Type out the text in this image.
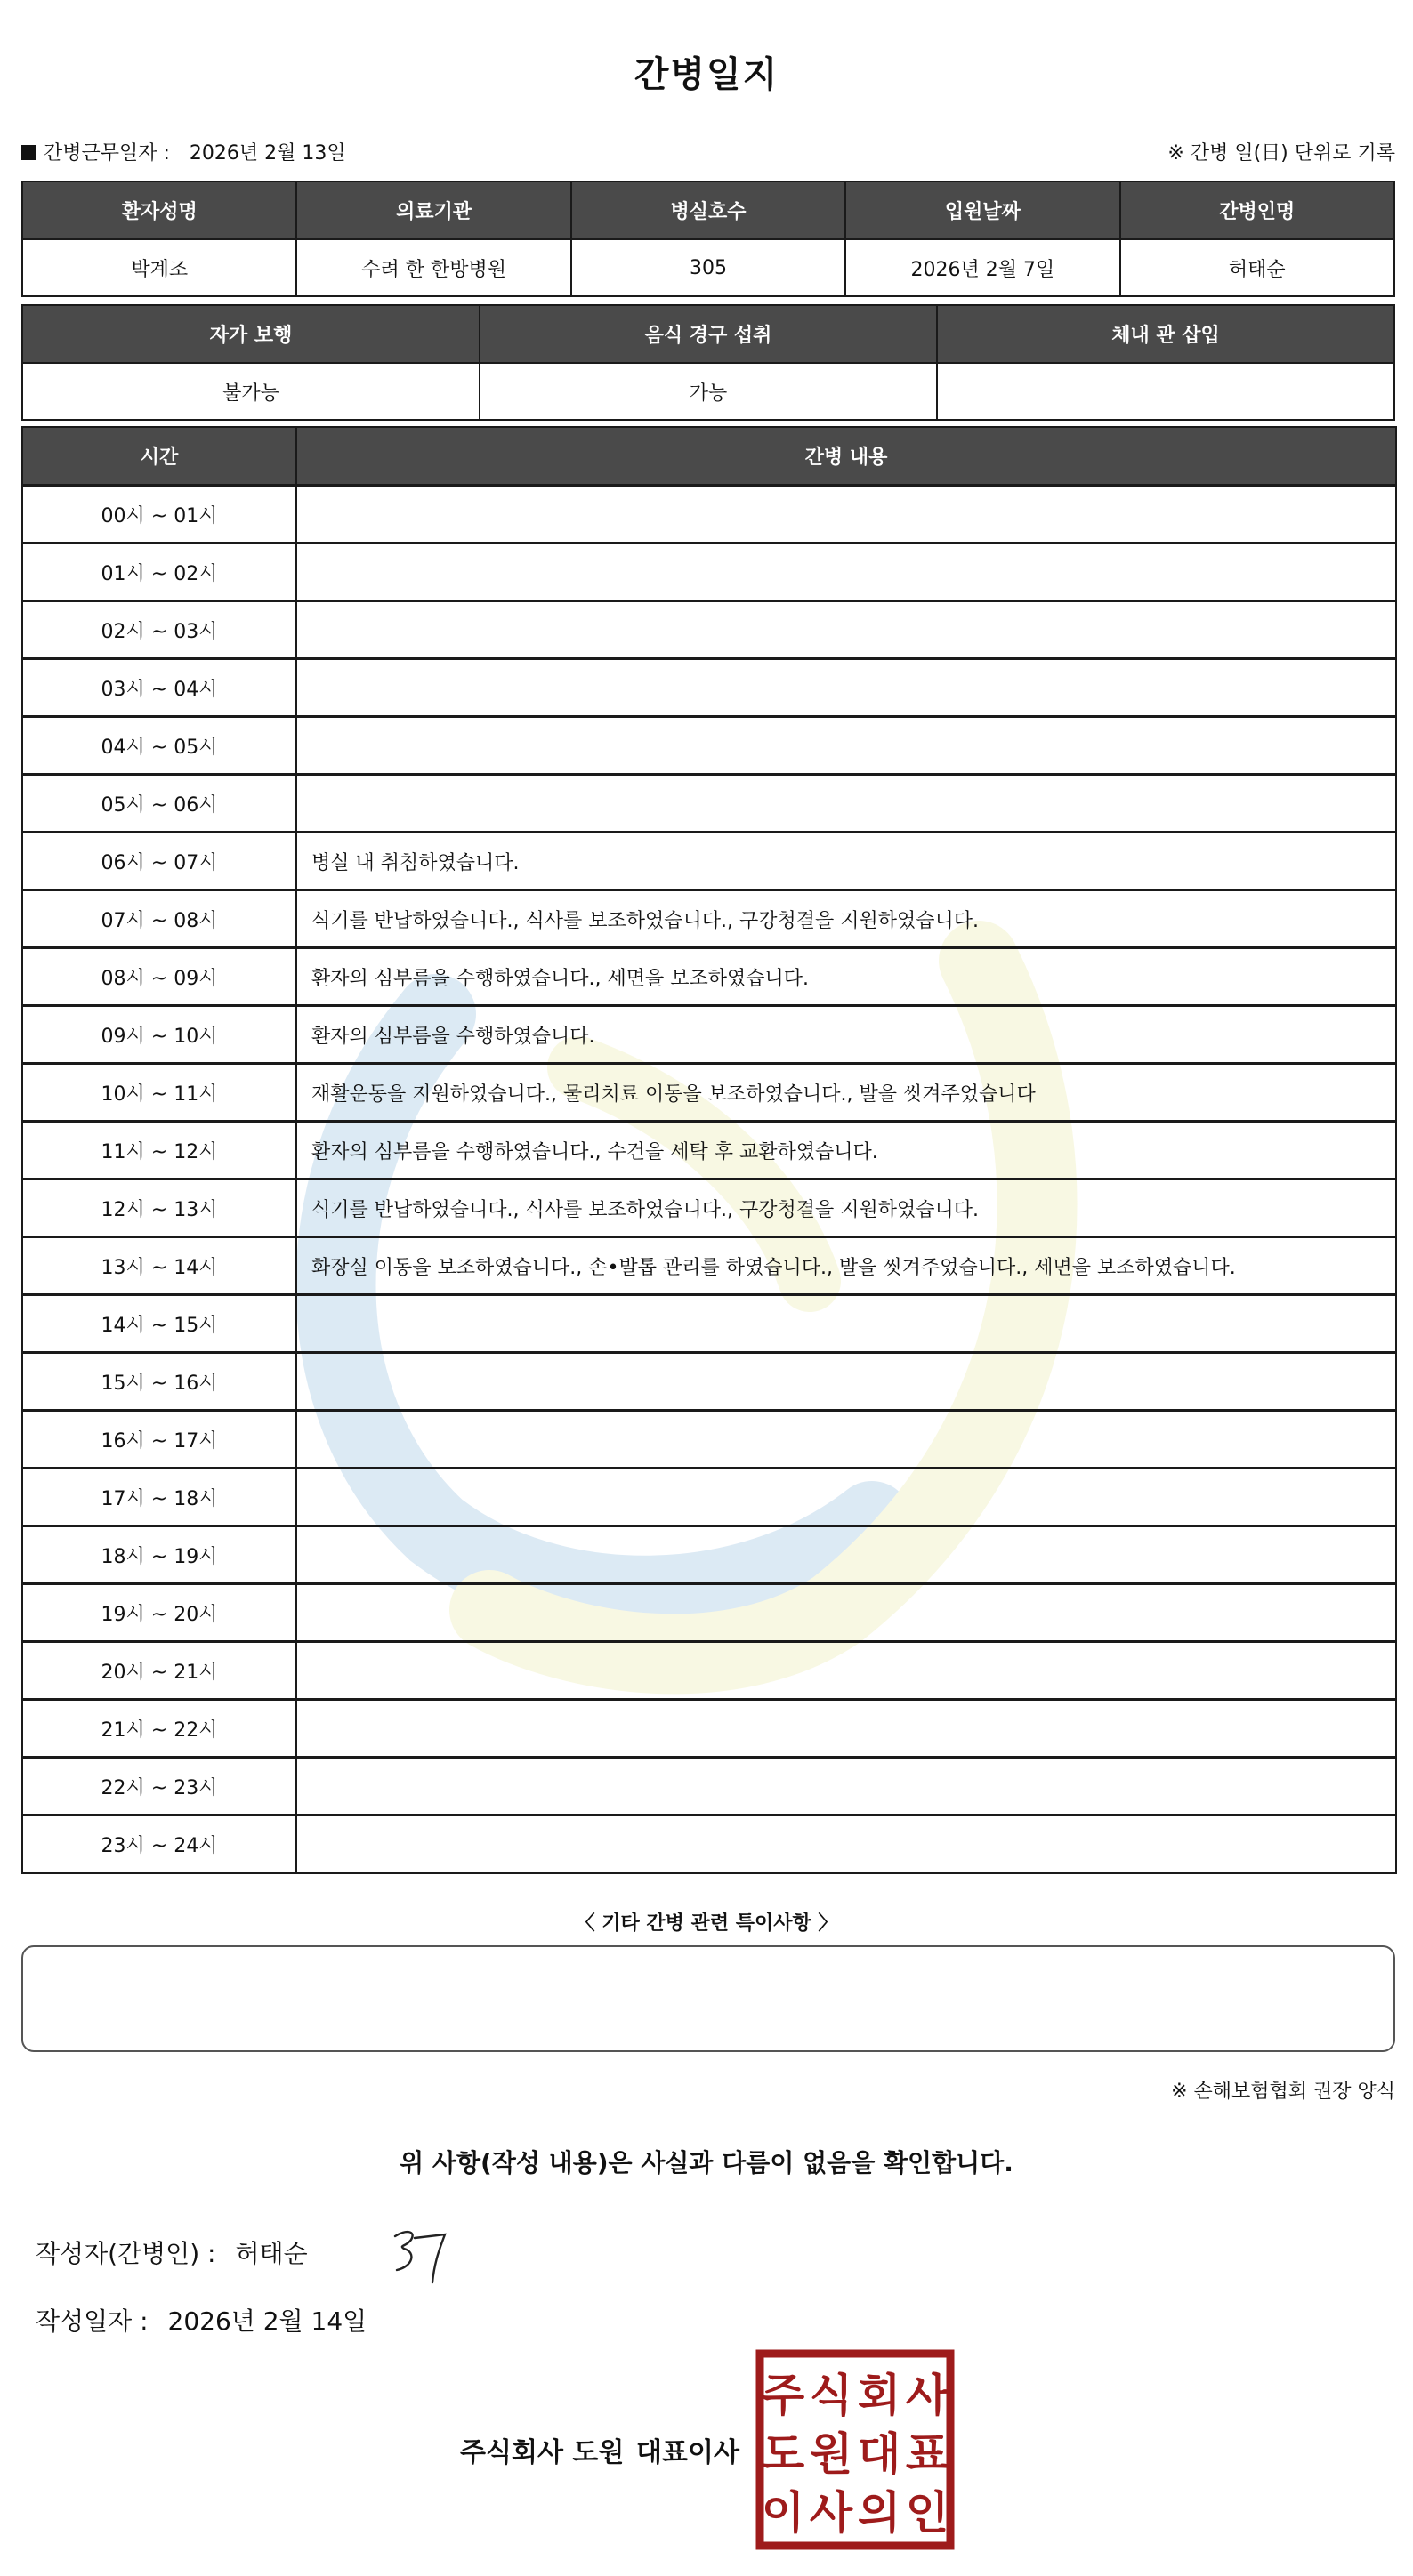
간병일지
간병근무일자 : 2026년 2월 13일	※ 간병 일(日) 단위로 기록
환자성명	의료기관	병실호수	입원날짜	간병인명
박계조	수려 한 한방병원	305	2026년 2월 7일	허태순
자가 보행	음식 경구 섭취	체내 관 삽입
불가능	가능	
시간	간병 내용
00시 ~ 01시	
01시 ~ 02시	
02시 ~ 03시	
03시 ~ 04시	
04시 ~ 05시	
05시 ~ 06시	
06시 ~ 07시	병실 내 취침하였습니다.
07시 ~ 08시	식기를 반납하였습니다., 식사를 보조하였습니다., 구강청결을 지원하였습니다.
08시 ~ 09시	환자의 심부름을 수행하였습니다., 세면을 보조하였습니다.
09시 ~ 10시	환자의 심부름을 수행하였습니다.
10시 ~ 11시	재활운동을 지원하였습니다., 물리치료 이동을 보조하였습니다., 발을 씻겨주었습니다
11시 ~ 12시	환자의 심부름을 수행하였습니다., 수건을 세탁 후 교환하였습니다.
12시 ~ 13시	식기를 반납하였습니다., 식사를 보조하였습니다., 구강청결을 지원하였습니다.
13시 ~ 14시	화장실 이동을 보조하였습니다., 손•발톱 관리를 하였습니다., 발을 씻겨주었습니다., 세면을 보조하였습니다.
14시 ~ 15시	
15시 ~ 16시	
16시 ~ 17시	
17시 ~ 18시	
18시 ~ 19시	
19시 ~ 20시	
20시 ~ 21시	
21시 ~ 22시	
22시 ~ 23시	
23시 ~ 24시	
〈 기타 간병 관련 특이사항 〉
※ 손해보험협회 권장 양식
위 사항(작성 내용)은 사실과 다름이 없음을 확인합니다.
작성자(간병인) : 허태순
작성일자 : 2026년 2월 14일
주식회사 도원 대표이사
주 식 회 사
도 원 대 표
이 사 의 인
